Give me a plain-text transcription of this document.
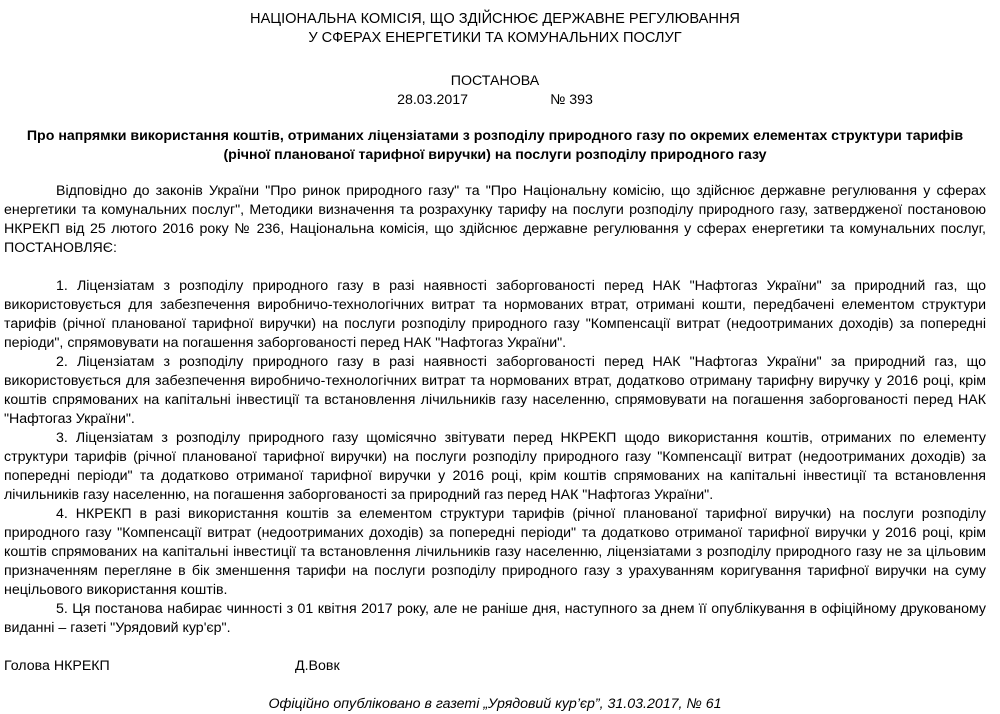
НАЦІОНАЛЬНА КОМІСІЯ, ЩО ЗДІЙСНЮЄ ДЕРЖАВНЕ РЕГУЛЮВАННЯ

У СФЕРАХ ЕНЕРГЕТИКИ ТА КОМУНАЛЬНИХ ПОСЛУГ

ПОСТАНОВА

28.03.2017	№ 393

Про напрямки використання коштів, отриманих ліцензіатами з розподілу природного газу по окремих елементах структури тарифів

(річної планованої тарифної виручки) на послуги розподілу природного газу

Відповідно до законів України "Про ринок природного газу" та "Про Національну комісію, що здійснює державне регулювання у сферах енергетики та комунальних послуг", Методики визначення та розрахунку тарифу на послуги розподілу природного газу, затвердженої постановою НКРЕКП від 25 лютого 2016 року № 236, Національна комісія, що здійснює державне регулювання у сферах енергетики та комунальних послуг, ПОСТАНОВЛЯЄ:

1. Ліцензіатам з розподілу природного газу в разі наявності заборгованості перед НАК "Нафтогаз України" за природний газ, що використовується для забезпечення виробничо-технологічних витрат та нормованих втрат, отримані кошти, передбачені елементом структури тарифів (річної планованої тарифної виручки) на послуги розподілу природного газу "Компенсації витрат (недоотриманих доходів) за попередні періоди", спрямовувати на погашення заборгованості перед НАК "Нафтогаз України".

2. Ліцензіатам з розподілу природного газу в разі наявності заборгованості перед НАК "Нафтогаз України" за природний газ, що використовується для забезпечення виробничо-технологічних витрат та нормованих втрат, додатково отриману тарифну виручку у 2016 році, крім коштів спрямованих на капітальні інвестиції та встановлення лічильників газу населенню, спрямовувати на погашення заборгованості перед НАК "Нафтогаз України".

3. Ліцензіатам з розподілу природного газу щомісячно звітувати перед НКРЕКП щодо використання коштів, отриманих по елементу структури тарифів (річної планованої тарифної виручки) на послуги розподілу природного газу "Компенсації витрат (недоотриманих доходів) за попередні періоди" та додатково отриманої тарифної виручки у 2016 році, крім коштів спрямованих на капітальні інвестиції та встановлення лічильників газу населенню, на погашення заборгованості за природний газ перед НАК "Нафтогаз України".

4. НКРЕКП в разі використання коштів за елементом структури тарифів (річної планованої тарифної виручки) на послуги розподілу природного газу "Компенсації витрат (недоотриманих доходів) за попередні періоди" та додатково отриманої тарифної виручки у 2016 році, крім коштів спрямованих на капітальні інвестиції та встановлення лічильників газу населенню, ліцензіатами з розподілу природного газу не за цільовим призначенням перегляне в бік зменшення тарифи на послуги розподілу природного газу з урахуванням коригування тарифної виручки на суму нецільового використання коштів.

5. Ця постанова набирає чинності з 01 квітня 2017 року, але не раніше дня, наступного за днем її опублікування в офіційному друкованому виданні – газеті "Урядовий кур'єр".

Голова НКРЕКП	Д.Вовк

Офіційно опубліковано в газеті „Урядовий кур’єр”, 31.03.2017, № 61
